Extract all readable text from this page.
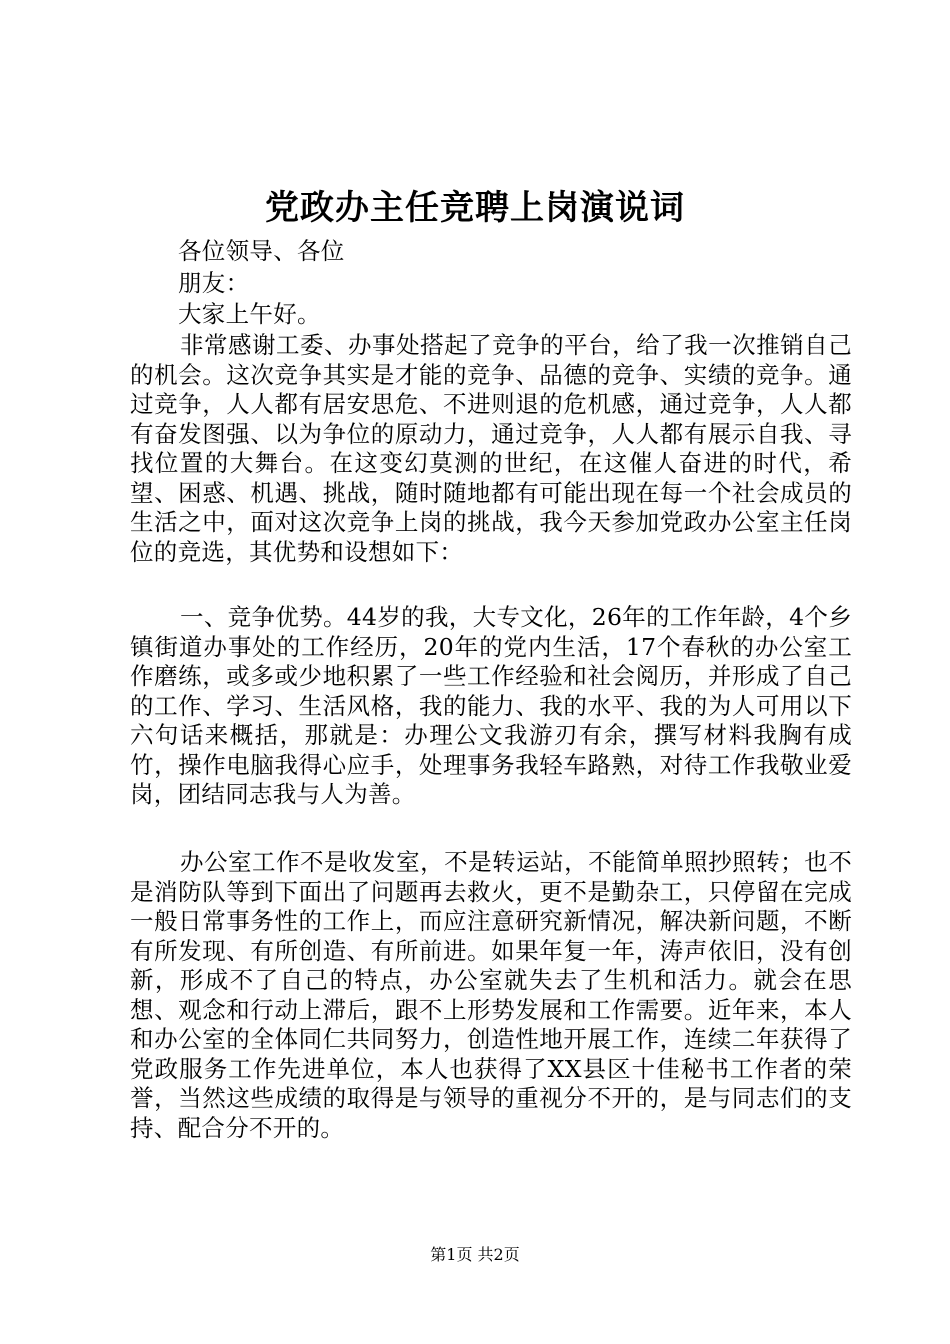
党政办主任竞聘上岗演说词

各位领导、各位

朋友：

大家上午好。

非常感谢工委、办事处搭起了竞争的平台，给了我一次推销自己的机会。这次竞争其实是才能的竞争、品德的竞争、实绩的竞争。通过竞争，人人都有居安思危、不进则退的危机感，通过竞争，人人都有奋发图强、以为争位的原动力，通过竞争，人人都有展示自我、寻找位置的大舞台。在这变幻莫测的世纪，在这催人奋进的时代，希望、困惑、机遇、挑战，随时随地都有可能出现在每一个社会成员的生活之中，面对这次竞争上岗的挑战，我今天参加党政办公室主任岗位的竞选，其优势和设想如下：

一、竞争优势。44岁的我，大专文化，26年的工作年龄，4个乡镇街道办事处的工作经历，20年的党内生活，17个春秋的办公室工作磨练，或多或少地积累了一些工作经验和社会阅历，并形成了自己的工作、学习、生活风格，我的能力、我的水平、我的为人可用以下六句话来概括，那就是：办理公文我游刃有余，撰写材料我胸有成竹，操作电脑我得心应手，处理事务我轻车路熟，对待工作我敬业爱岗，团结同志我与人为善。

办公室工作不是收发室，不是转运站，不能简单照抄照转；也不是消防队等到下面出了问题再去救火，更不是勤杂工，只停留在完成一般日常事务性的工作上，而应注意研究新情况，解决新问题，不断有所发现、有所创造、有所前进。如果年复一年，涛声依旧，没有创新，形成不了自己的特点，办公室就失去了生机和活力。就会在思想、观念和行动上滞后，跟不上形势发展和工作需要。近年来，本人和办公室的全体同仁共同努力，创造性地开展工作，连续二年获得了党政服务工作先进单位，本人也获得了XX县区十佳秘书工作者的荣誉，当然这些成绩的取得是与领导的重视分不开的，是与同志们的支持、配合分不开的。

第1页 共2页
